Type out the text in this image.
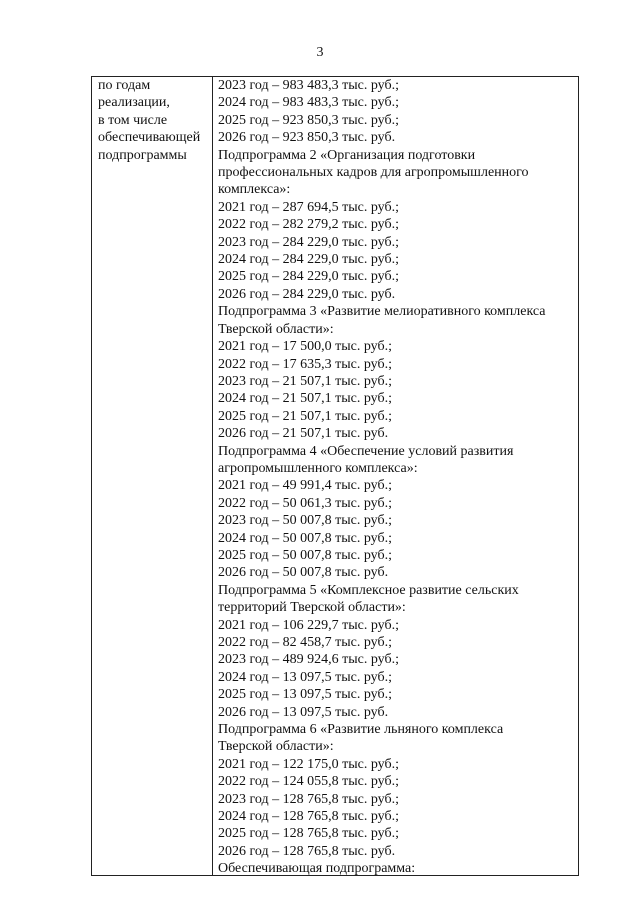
3
по годам
реализации,
в том числе
обеспечивающей
подпрограммы
2023 год – 983 483,3 тыс. руб.;
2024 год – 983 483,3 тыс. руб.;
2025 год – 923 850,3 тыс. руб.;
2026 год – 923 850,3 тыс. руб.
Подпрограмма 2 «Организация подготовки
профессиональных кадров для агропромышленного
комплекса»:
2021 год – 287 694,5 тыс. руб.;
2022 год – 282 279,2 тыс. руб.;
2023 год – 284 229,0 тыс. руб.;
2024 год – 284 229,0 тыс. руб.;
2025 год – 284 229,0 тыс. руб.;
2026 год – 284 229,0 тыс. руб.
Подпрограмма 3 «Развитие мелиоративного комплекса
Тверской области»:
2021 год – 17 500,0 тыс. руб.;
2022 год – 17 635,3 тыс. руб.;
2023 год – 21 507,1 тыс. руб.;
2024 год – 21 507,1 тыс. руб.;
2025 год – 21 507,1 тыс. руб.;
2026 год – 21 507,1 тыс. руб.
Подпрограмма 4 «Обеспечение условий развития
агропромышленного комплекса»:
2021 год – 49 991,4 тыс. руб.;
2022 год – 50 061,3 тыс. руб.;
2023 год – 50 007,8 тыс. руб.;
2024 год – 50 007,8 тыс. руб.;
2025 год – 50 007,8 тыс. руб.;
2026 год – 50 007,8 тыс. руб.
Подпрограмма 5 «Комплексное развитие сельских
территорий Тверской области»:
2021 год – 106 229,7 тыс. руб.;
2022 год – 82 458,7 тыс. руб.;
2023 год – 489 924,6 тыс. руб.;
2024 год – 13 097,5 тыс. руб.;
2025 год – 13 097,5 тыс. руб.;
2026 год – 13 097,5 тыс. руб.
Подпрограмма 6 «Развитие льняного комплекса
Тверской области»:
2021 год – 122 175,0 тыс. руб.;
2022 год – 124 055,8 тыс. руб.;
2023 год – 128 765,8 тыс. руб.;
2024 год – 128 765,8 тыс. руб.;
2025 год – 128 765,8 тыс. руб.;
2026 год – 128 765,8 тыс. руб.
Обеспечивающая подпрограмма:
